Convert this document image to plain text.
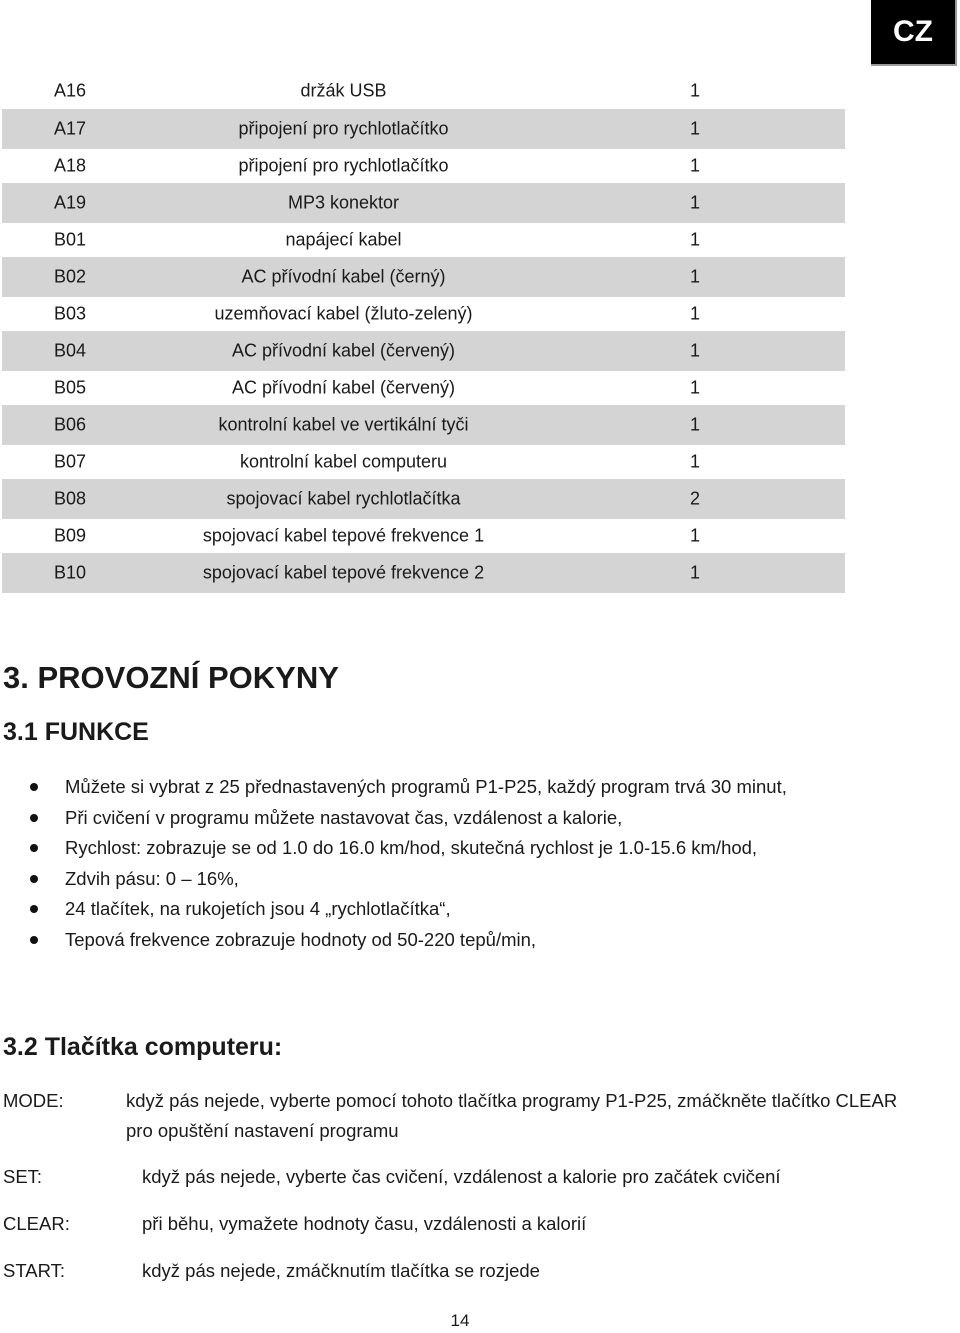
CZ
A16	držák USB	1
A17	připojení pro rychlotlačítko	1
A18	připojení pro rychlotlačítko	1
A19	MP3 konektor	1
B01	napájecí kabel	1
B02	AC přívodní kabel (černý)	1
B03	uzemňovací kabel (žluto-zelený)	1
B04	AC přívodní kabel (červený)	1
B05	AC přívodní kabel (červený)	1
B06	kontrolní kabel ve vertikální tyči	1
B07	kontrolní kabel computeru	1
B08	spojovací kabel rychlotlačítka	2
B09	spojovací kabel tepové frekvence 1	1
B10	spojovací kabel tepové frekvence 2	1
3. PROVOZNÍ POKYNY
3.1 FUNKCE
Můžete si vybrat z 25 přednastavených programů P1-P25, každý program trvá 30 minut,
Při cvičení v programu můžete nastavovat čas, vzdálenost a kalorie,
Rychlost: zobrazuje se od 1.0 do 16.0 km/hod, skutečná rychlost je 1.0-15.6 km/hod,
Zdvih pásu: 0 – 16%,
24 tlačítek, na rukojetích jsou 4 „rychlotlačítka“,
Tepová frekvence zobrazuje hodnoty od 50-220 tepů/min,
3.2 Tlačítka computeru:
MODE:	když pás nejede, vyberte pomocí tohoto tlačítka programy P1-P25, zmáčkněte tlačítko CLEAR pro opuštění nastavení programu
SET:	když pás nejede, vyberte čas cvičení, vzdálenost a kalorie pro začátek cvičení
CLEAR:	při běhu, vymažete hodnoty času, vzdálenosti a kalorií
START:	když pás nejede, zmáčknutím tlačítka se rozjede
14
